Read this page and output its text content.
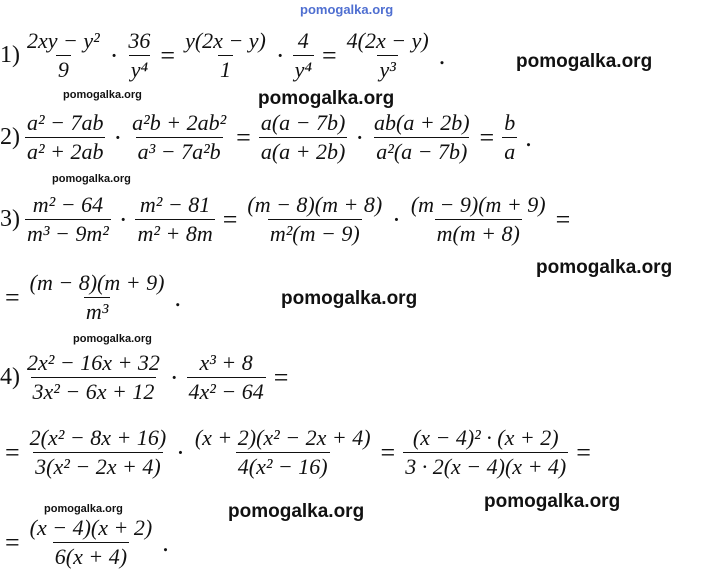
$1) \frac{\text{2xy − y²}}{9} \cdot \frac{36}{\text{y⁴}} = \frac{y(2x - y)}{1} \cdot \frac{4}{\text{y⁴}} = \frac{4(2x - y)}{\text{y³}}$ .
$2) \frac{\text{a² − 7ab}}{\text{a² + 2ab}} \cdot \frac{\text{a²b + 2ab²}}{\text{a³ − 7a²b}} = \frac{a(a - 7b)}{a(a + 2b)} \cdot \frac{ab(a + 2b)}{\text{a²(a − 7b)}} = \frac{b}{a}$ .
$3) \frac{\text{m² − 64}}{\text{m³ − 9m²}} \cdot \frac{\text{m² − 81}}{\text{m² + 8m}} = \frac{(m - 8)(m + 8)}{\text{m²(m − 9)}} \cdot \frac{(m - 9)(m + 9)}{m(m + 8)}$ =
= $\frac{(m - 8)(m + 9)}{\text{m³}}$ .
$4) \frac{\text{2x² − 16x + 32}}{\text{3x² − 6x + 12}} \cdot \frac{\text{x³ + 8}}{\text{4x² − 64}}$ =
= $\frac{\text{2(x² − 8x + 16)}}{\text{3(x² − 2x + 4)}} \cdot \frac{\text{(x + 2)(x² − 2x + 4)}}{\text{4(x² − 16)}} = \frac{\text{(x − 4)² · (x + 2)}}{3 \cdot 2(x - 4)(x + 4)}$ =
= $\frac{(x - 4)(x + 2)}{6(x + 4)}$ .
pomogalka.org
pomogalka.org
pomogalka.org	pomogalka.org
pomogalka.org
pomogalka.org
pomogalka.org
pomogalka.org
pomogalka.org	pomogalka.org	pomogalka.org
